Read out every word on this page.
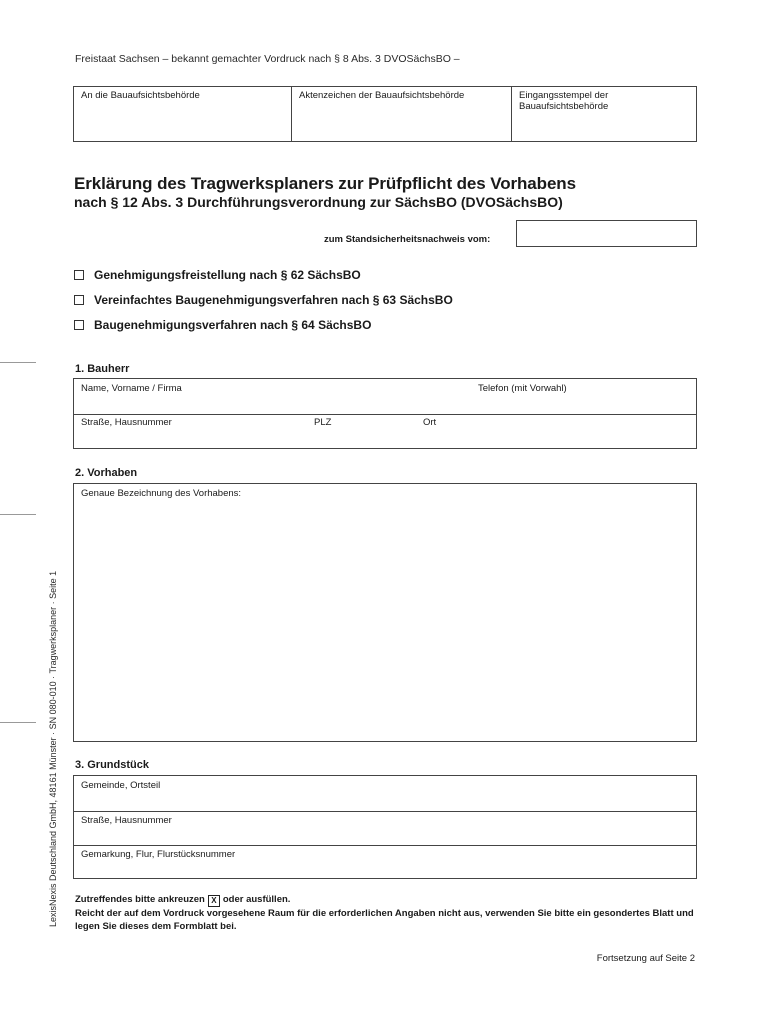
Freistaat Sachsen – bekannt gemachter Vordruck nach § 8 Abs. 3 DVOSächsBO –
An die Bauaufsichtsbehörde	Aktenzeichen der Bauaufsichtsbehörde	Eingangsstempel der Bauaufsichtsbehörde
Erklärung des Tragwerksplaners zur Prüfpflicht des Vorhabens
nach § 12 Abs. 3 Durchführungsverordnung zur SächsBO (DVOSächsBO)
zum Standsicherheitsnachweis vom:
Genehmigungsfreistellung nach § 62 SächsBO
Vereinfachtes Baugenehmigungsverfahren nach § 63 SächsBO
Baugenehmigungsverfahren nach § 64 SächsBO
1. Bauherr
Name, Vorname / Firma	Telefon (mit Vorwahl)
Straße, Hausnummer	PLZ	Ort
2. Vorhaben
Genaue Bezeichnung des Vorhabens:
3. Grundstück
Gemeinde, Ortsteil
Straße, Hausnummer
Gemarkung, Flur, Flurstücksnummer
Zutreffendes bitte ankreuzen X oder ausfüllen.
Reicht der auf dem Vordruck vorgesehene Raum für die erforderlichen Angaben nicht aus, verwenden Sie bitte ein gesondertes Blatt und legen Sie dieses dem Formblatt bei.
Fortsetzung auf Seite 2
LexisNexis Deutschland GmbH, 48161 Münster · SN 080-010 · Tragwerksplaner · Seite 1
